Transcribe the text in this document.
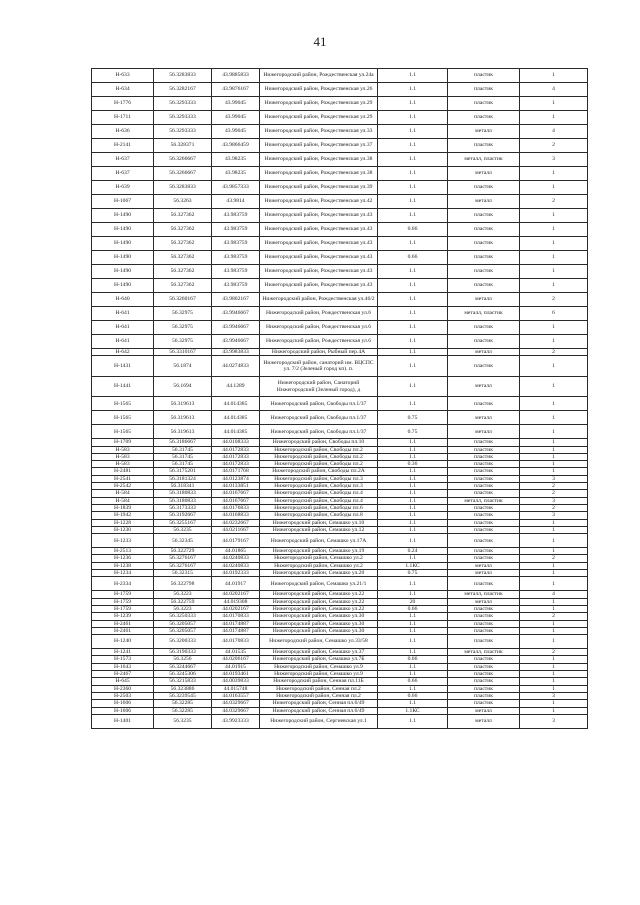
41
Н-633	56.3283833	43.9885833	Нижегородский район, Рождественская ул.24а	1.1	пластик	1
Н-634	56.3282167	43.9876167	Нижегородский район, Рождественская ул.26	1.1	пластик	4
Н-1776	56.3293333	43.99045	Нижегородский район, Рождественская ул.29	1.1	пластик	1
Н-1711	56.3293333	43.99045	Нижегородский район, Рождественская ул.29	1.1	пластик	1
Н-636	56.3293333	43.99045	Нижегородский район, Рождественская ул.33	1.1	металл	4
Н-2141	56.328371	43.9866459	Нижегородский район, Рождественская ул.37	1.1	пластик	2
Н-637	56.3266667	43.98235	Нижегородский район, Рождественская ул.38	1.1	металл, пластик	3
Н-637	56.3266667	43.98235	Нижегородский район, Рождественская ул.38	1.1	металл	1
Н-639	56.3283833	43.9857333	Нижегородский район, Рождественская ул.39	1.1	пластик	1
Н-1067	56.3263	43.9814	Нижегородский район, Рождественская ул.42	1.1	металл	2
Н-1490	56.327362	43.983759	Нижегородский район, Рождественская ул.43	1.1	пластик	1
Н-1490	56.327362	43.983759	Нижегородский район, Рождественская ул.43	0.66	пластик	1
Н-1490	56.327362	43.983759	Нижегородский район, Рождественская ул.43	1.1	пластик	1
Н-1490	56.327362	43.983759	Нижегородский район, Рождественская ул.43	0.66	пластик	1
Н-1490	56.327362	43.983759	Нижегородский район, Рождественская ул.43	1.1	пластик	1
Н-1490	56.327362	43.983759	Нижегородский район, Рождественская ул.43	1.1	пластик	1
Н-640	56.3260167	43.9802167	Нижегородский район, Рождественская ул.46/2	1.1	металл	2
Н-641	56.32975	43.9946667	Нижегородский район, Рождественская ул.6	1.1	металл, пластик	6
Н-641	56.32975	43.9946667	Нижегородский район, Рождественская ул.6	1.1	пластик	1
Н-641	56.32975	43.9946667	Нижегородский район, Рождественская ул.6	1.1	пластик	1
Н-642	56.3310167	43.9983833	Нижегородский район, Рыбный пер.4А	1.1	металл	2
Н-1431	56.1874	44.0274833	Нижегородский район, санаторий им. ВЦСПС ул. 7/2 (Зеленый город кп). п.	1.1	пластик	1
Н-1441	56.1694	44.1289	Нижегородский район, Санаторий Нижегородский (Зеленый город), д	1.1	металл	1
Н-1565	56.319613	44.014385	Нижегородский район, Свободы пл.1/37	1.1	пластик	1
Н-1565	56.319613	44.014385	Нижегородский район, Свободы пл.1/37	0.75	металл	1
Н-1565	56.319613	44.014385	Нижегородский район, Свободы пл.1/37	0.75	металл	1
Н-1709	56.3186667	44.0108333	Нижегородский район, Свободы пл.10	1.1	пластик	1
Н-583	56.31745	44.0172833	Нижегородский район, Свободы пл.2	1.1	пластик	1
Н-583	56.31745	44.0172833	Нижегородский район, Свободы пл.2	1.1	пластик	1
Н-583	56.31745	44.0172833	Нижегородский район, Свободы пл.2	0.36	пластик	1
Н-2481	56.3175201	44.0171768	Нижегородский район, Свободы пл.2А	1.1	пластик	1
Н-2541	56.3181324	44.0123874	Нижегородский район, Свободы пл.3	1.1	пластик	3
Н-2542	56.318341	44.0133851	Нижегородский район, Свободы пл.3	1.1	пластик	2
Н-584	56.3180833	44.0167667	Нижегородский район, Свободы пл.4	1.1	пластик	2
Н-584	56.3180833	44.0167667	Нижегородский район, Свободы пл.4	1.1	металл, пластик	3
Н-1839	56.3173333	44.0176833	Нижегородский район, Свободы пл.6	1.1	пластик	2
Н-1942	56.3192667	44.0168833	Нижегородский район, Свободы пл.8	1.1	пластик	3
Н-1228	56.3255167	44.0232667	Нижегородский район, Семашко ул.10	1.1	пластик	1
Н-1230	56.3235	44.0211667	Нижегородский район, Семашко ул.12	1.1	пластик	1
Н-1233	56.32345	44.0179167	Нижегородский район, Семашко ул.17А	1.1	пластик	1
Н-2513	56.322729	44.01865	Нижегородский район, Семашко ул.19	0.24	пластик	1
Н-1236	56.3276167	44.0240833	Нижегородский район, Семашко ул.2	1.1	пластик	2
Н-1238	56.3276167	44.0240833	Нижегородский район, Семашко ул.2	1.1КС	металл	1
Н-1234	56.32315	44.0192333	Нижегородский район, Семашко ул.20	0.75	металл	1
Н-2334	56.322798	44.01917	Нижегородский район, Семашко ул.21/1	1.1	пластик	1
Н-1759	56.3223	44.0202167	Нижегородский район, Семашко ул.22	1.1	металл, пластик	4
Н-1759	56.322759	44.019308	Нижегородский район, Семашко ул.22	20	металл	1
Н-1759	56.3223	44.0202167	Нижегородский район, Семашко ул.22	0.66	пластик	1
Н-1239	56.3250333	44.0170833	Нижегородский район, Семашко ул.30	1.1	пластик	2
Н-2461	56.3205057	44.0174887	Нижегородский район, Семашко ул.30	1.1	пластик	1
Н-2461	56.3205057	44.0174887	Нижегородский район, Семашко ул.30	1.1	пластик	1
Н-1240	56.3200333	44.0170833	Нижегородский район, Семашко ул.33/58	1.1	пластик	1
Н-1241	56.3190333	44.01535	Нижегородский район, Семашко ул.37	1.1	металл, пластик	2
Н-1573	56.3256	44.0206167	Нижегородский район, Семашко ул.7Б	0.66	пластик	1
Н-1643	56.3244667	44.01915	Нижегородский район, Семашко ул.9	1.1	пластик	1
Н-2467	56.3245306	44.0193461	Нижегородский район, Семашко ул.9	1.1	пластик	1
Н-645	56.3215833	44.0039833	Нижегородский район, Сенная пл.11Б	0.66	пластик	1
Н-2360	56.323886	44.015748	Нижегородский район, Сенная пл.2	1.1	пластик	1
Н-2503	56.3239545	44.0163557	Нижегородский район, Сенная пл.2	0.66	пластик	3
Н-1606	56.32285	44.0329667	Нижегородский район, Сенная пл.6/49	1.1	пластик	1
Н-1606	56.32285	44.0329667	Нижегородский район, Сенная пл.6/49	1.1КС	металл	1
Н-1401	56.3235	43.9923333	Нижегородский район, Сергиевская ул.1	1.1	металл	3
